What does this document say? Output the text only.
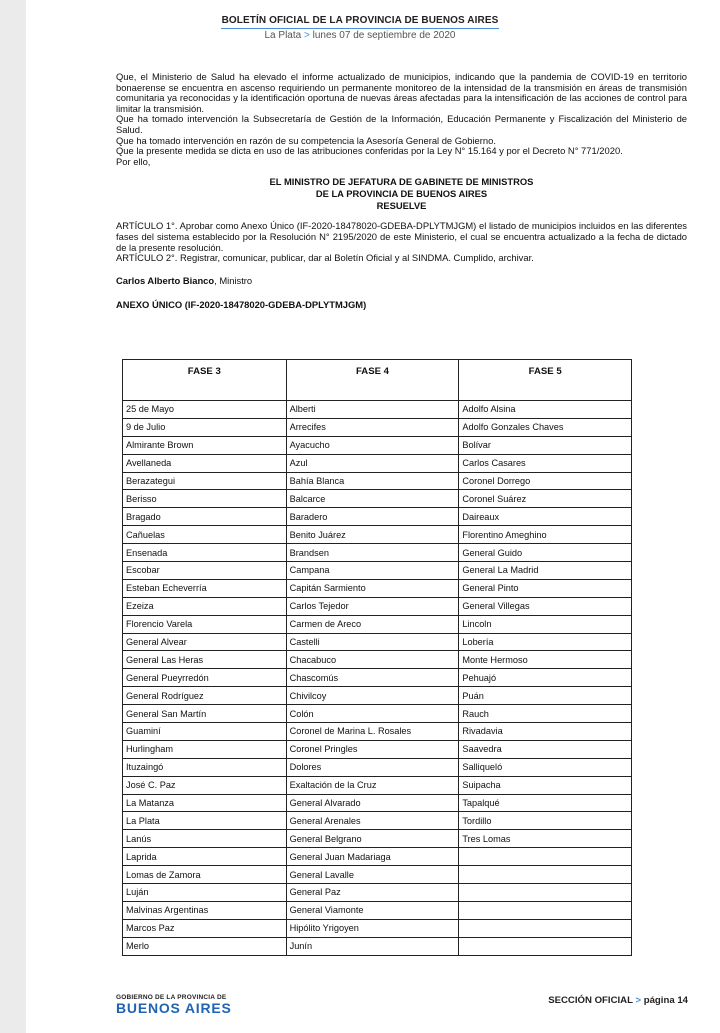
BOLETÍN OFICIAL DE LA PROVINCIA DE BUENOS AIRES
La Plata > lunes 07 de septiembre de 2020

Que, el Ministerio de Salud ha elevado el informe actualizado de municipios, indicando que la pandemia de COVID-19 en territorio bonaerense se encuentra en ascenso requiriendo un permanente monitoreo de la intensidad de la transmisión en áreas de transmisión comunitaria ya reconocidas y la identificación oportuna de nuevas áreas afectadas para la intensificación de las acciones de control para limitar la transmisión.

Que ha tomado intervención la Subsecretaría de Gestión de la Información, Educación Permanente y Fiscalización del Ministerio de Salud.

Que ha tomado intervención en razón de su competencia la Asesoría General de Gobierno.

Que la presente medida se dicta en uso de las atribuciones conferidas por la Ley N° 15.164 y por el Decreto N° 771/2020.

Por ello,

EL MINISTRO DE JEFATURA DE GABINETE DE MINISTROS
DE LA PROVINCIA DE BUENOS AIRES
RESUELVE

ARTÍCULO 1°. Aprobar como Anexo Único (IF-2020-18478020-GDEBA-DPLYTMJGM) el listado de municipios incluidos en las diferentes fases del sistema establecido por la Resolución N° 2195/2020 de este Ministerio, el cual se encuentra actualizado a la fecha de dictado de la presente resolución.

ARTÍCULO 2°. Registrar, comunicar, publicar, dar al Boletín Oficial y al SINDMA. Cumplido, archivar.

Carlos Alberto Bianco, Ministro
ANEXO ÚNICO (IF-2020-18478020-GDEBA-DPLYTMJGM)
FASE 3	FASE 4	FASE 5
25 de Mayo	Alberti	Adolfo Alsina
9 de Julio	Arrecifes	Adolfo Gonzales Chaves
Almirante Brown	Ayacucho	Bolívar
Avellaneda	Azul	Carlos Casares
Berazategui	Bahía Blanca	Coronel Dorrego
Berisso	Balcarce	Coronel Suárez
Bragado	Baradero	Daireaux
Cañuelas	Benito Juárez	Florentino Ameghino
Ensenada	Brandsen	General Guido
Escobar	Campana	General La Madrid
Esteban Echeverría	Capitán Sarmiento	General Pinto
Ezeiza	Carlos Tejedor	General Villegas
Florencio Varela	Carmen de Areco	Lincoln
General Alvear	Castelli	Lobería
General Las Heras	Chacabuco	Monte Hermoso
General Pueyrredón	Chascomús	Pehuajó
General Rodríguez	Chivilcoy	Puán
General San Martín	Colón	Rauch
Guaminí	Coronel de Marina L. Rosales	Rivadavia
Hurlingham	Coronel Pringles	Saavedra
Ituzaingó	Dolores	Salliqueló
José C. Paz	Exaltación de la Cruz	Suipacha
La Matanza	General Alvarado	Tapalqué
La Plata	General Arenales	Tordillo
Lanús	General Belgrano	Tres Lomas
Laprida	General Juan Madariaga	
Lomas de Zamora	General Lavalle	
Luján	General Paz	
Malvinas Argentinas	General Viamonte	
Marcos Paz	Hipólito Yrigoyen	
Merlo	Junín	
GOBIERNO DE LA PROVINCIA DE
BUENOS AIRES	SECCIÓN OFICIAL > página 14
